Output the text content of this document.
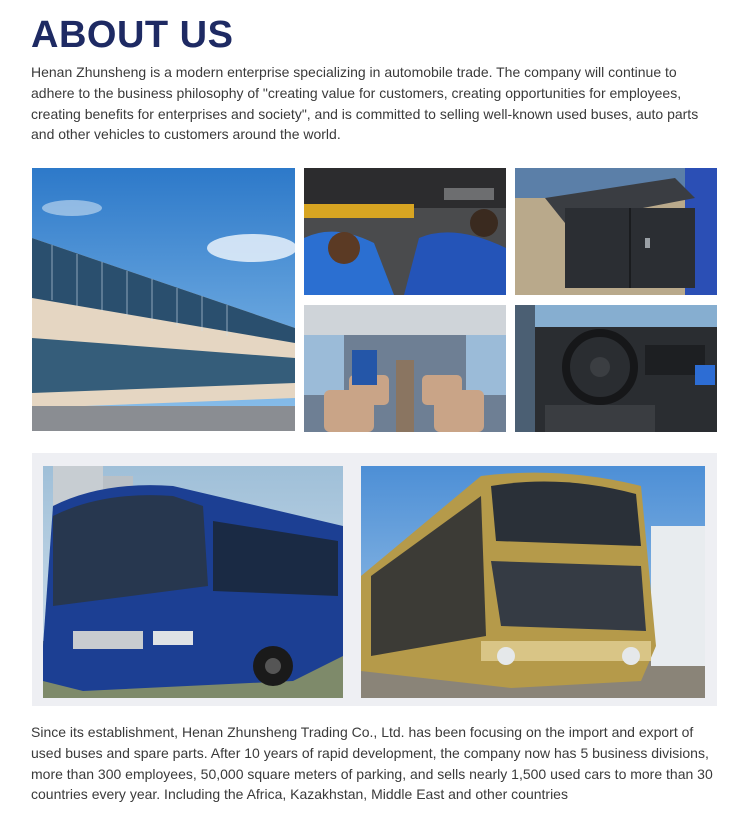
ABOUT US

Henan Zhunsheng is a modern enterprise specializing in automobile trade. The company will continue to adhere to the business philosophy of "creating value for customers, creating opportunities for employees, creating benefits for enterprises and society", and is committed to selling well-known used buses, auto parts and other vehicles to customers around the world.

Since its establishment, Henan Zhunsheng Trading Co., Ltd. has been focusing on the import and export of used buses and spare parts. After 10 years of rapid development, the company now has 5 business divisions, more than 300 employees, 50,000 square meters of parking, and sells nearly 1,500 used cars to more than 30 countries every year. Including the Africa, Kazakhstan, Middle East and other countries
